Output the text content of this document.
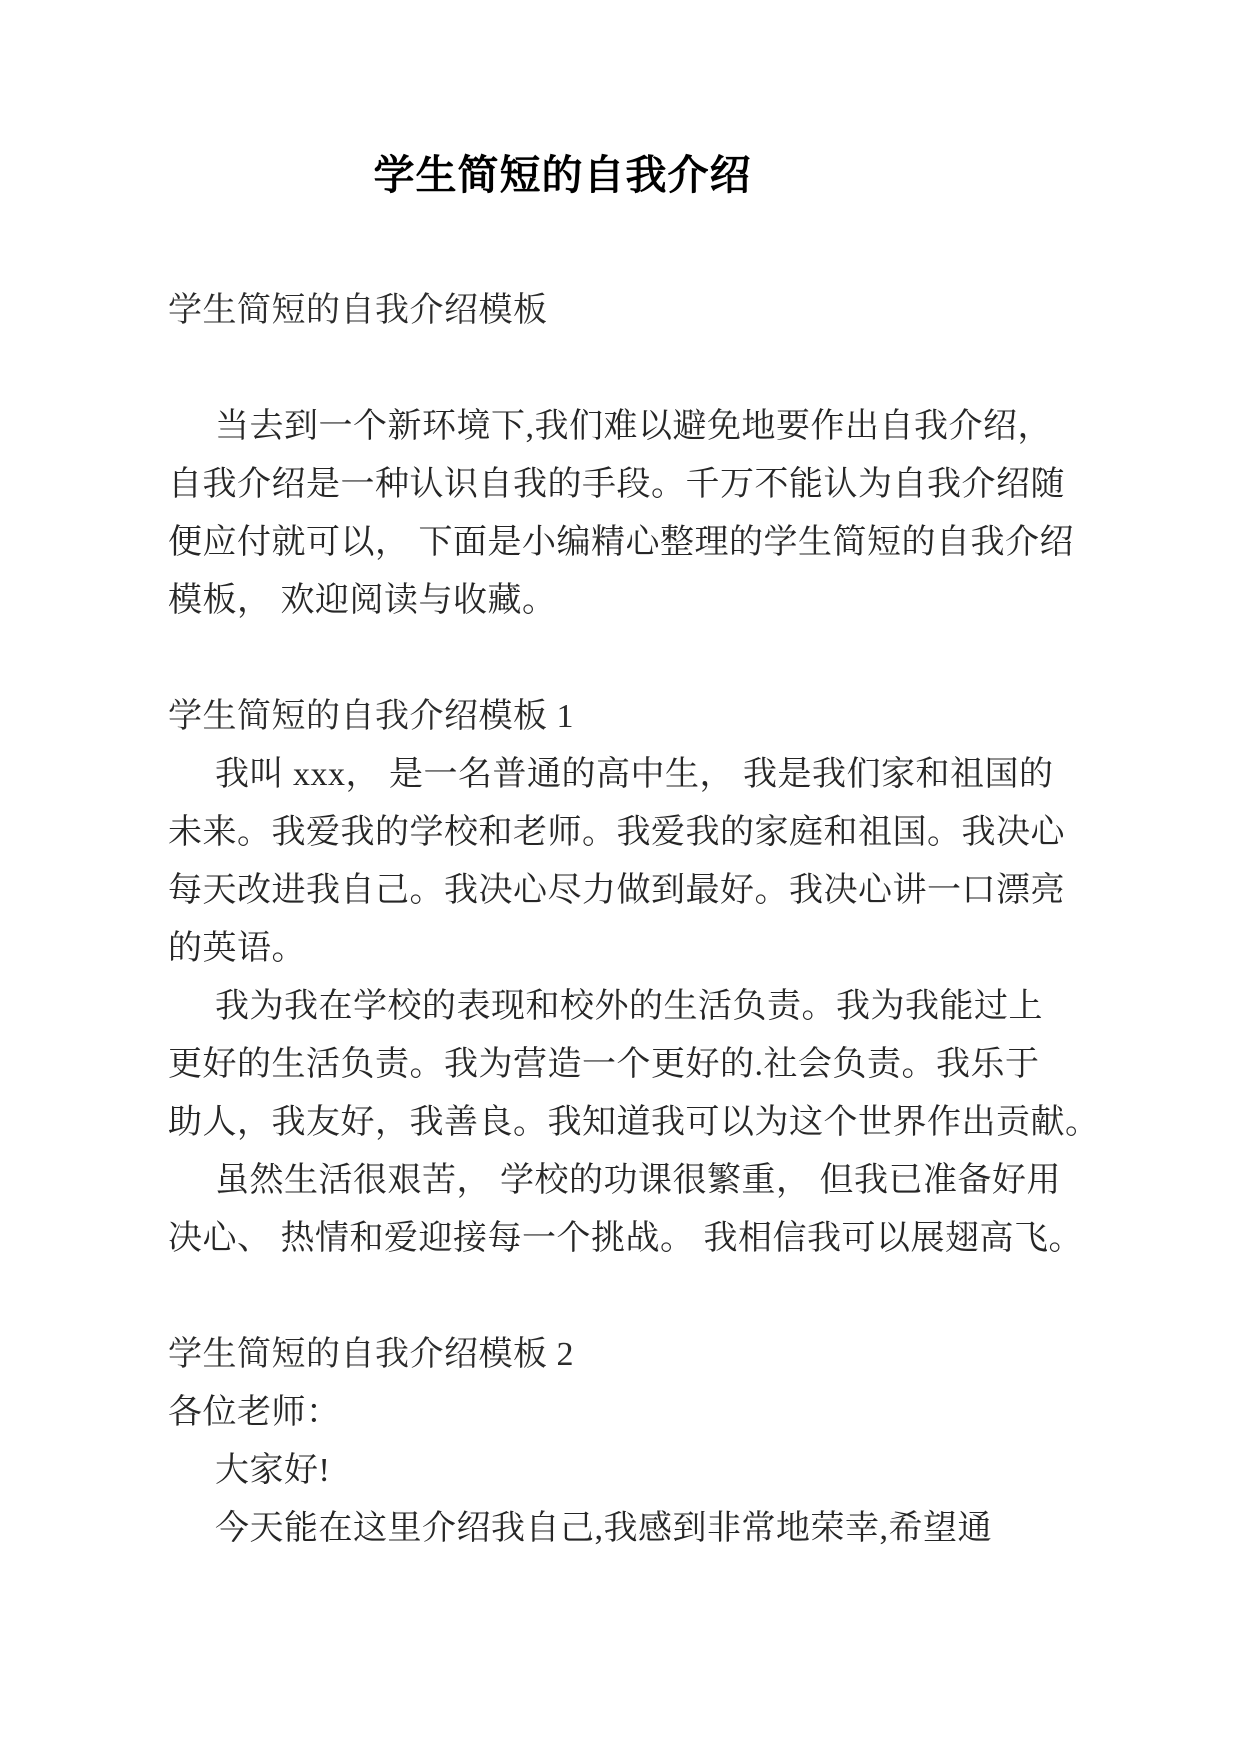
学生简短的自我介绍
学生简短的自我介绍模板
当去到一个新环境下,我们难以避免地要作出自我介绍，
自我介绍是一种认识自我的手段。千万不能认为自我介绍随
便应付就可以， 下面是小编精心整理的学生简短的自我介绍
模板， 欢迎阅读与收藏。
学生简短的自我介绍模板 1
我叫 xxx， 是一名普通的高中生， 我是我们家和祖国的
未来。我爱我的学校和老师。我爱我的家庭和祖国。我决心
每天改进我自己。我决心尽力做到最好。我决心讲一口漂亮
的英语。
我为我在学校的表现和校外的生活负责。我为我能过上
更好的生活负责。我为营造一个更好的.社会负责。我乐于
助人，我友好，我善良。我知道我可以为这个世界作出贡献。
虽然生活很艰苦， 学校的功课很繁重， 但我已准备好用
决心、 热情和爱迎接每一个挑战。 我相信我可以展翅高飞。
学生简短的自我介绍模板 2
各位老师：
大家好!
今天能在这里介绍我自己,我感到非常地荣幸,希望通
